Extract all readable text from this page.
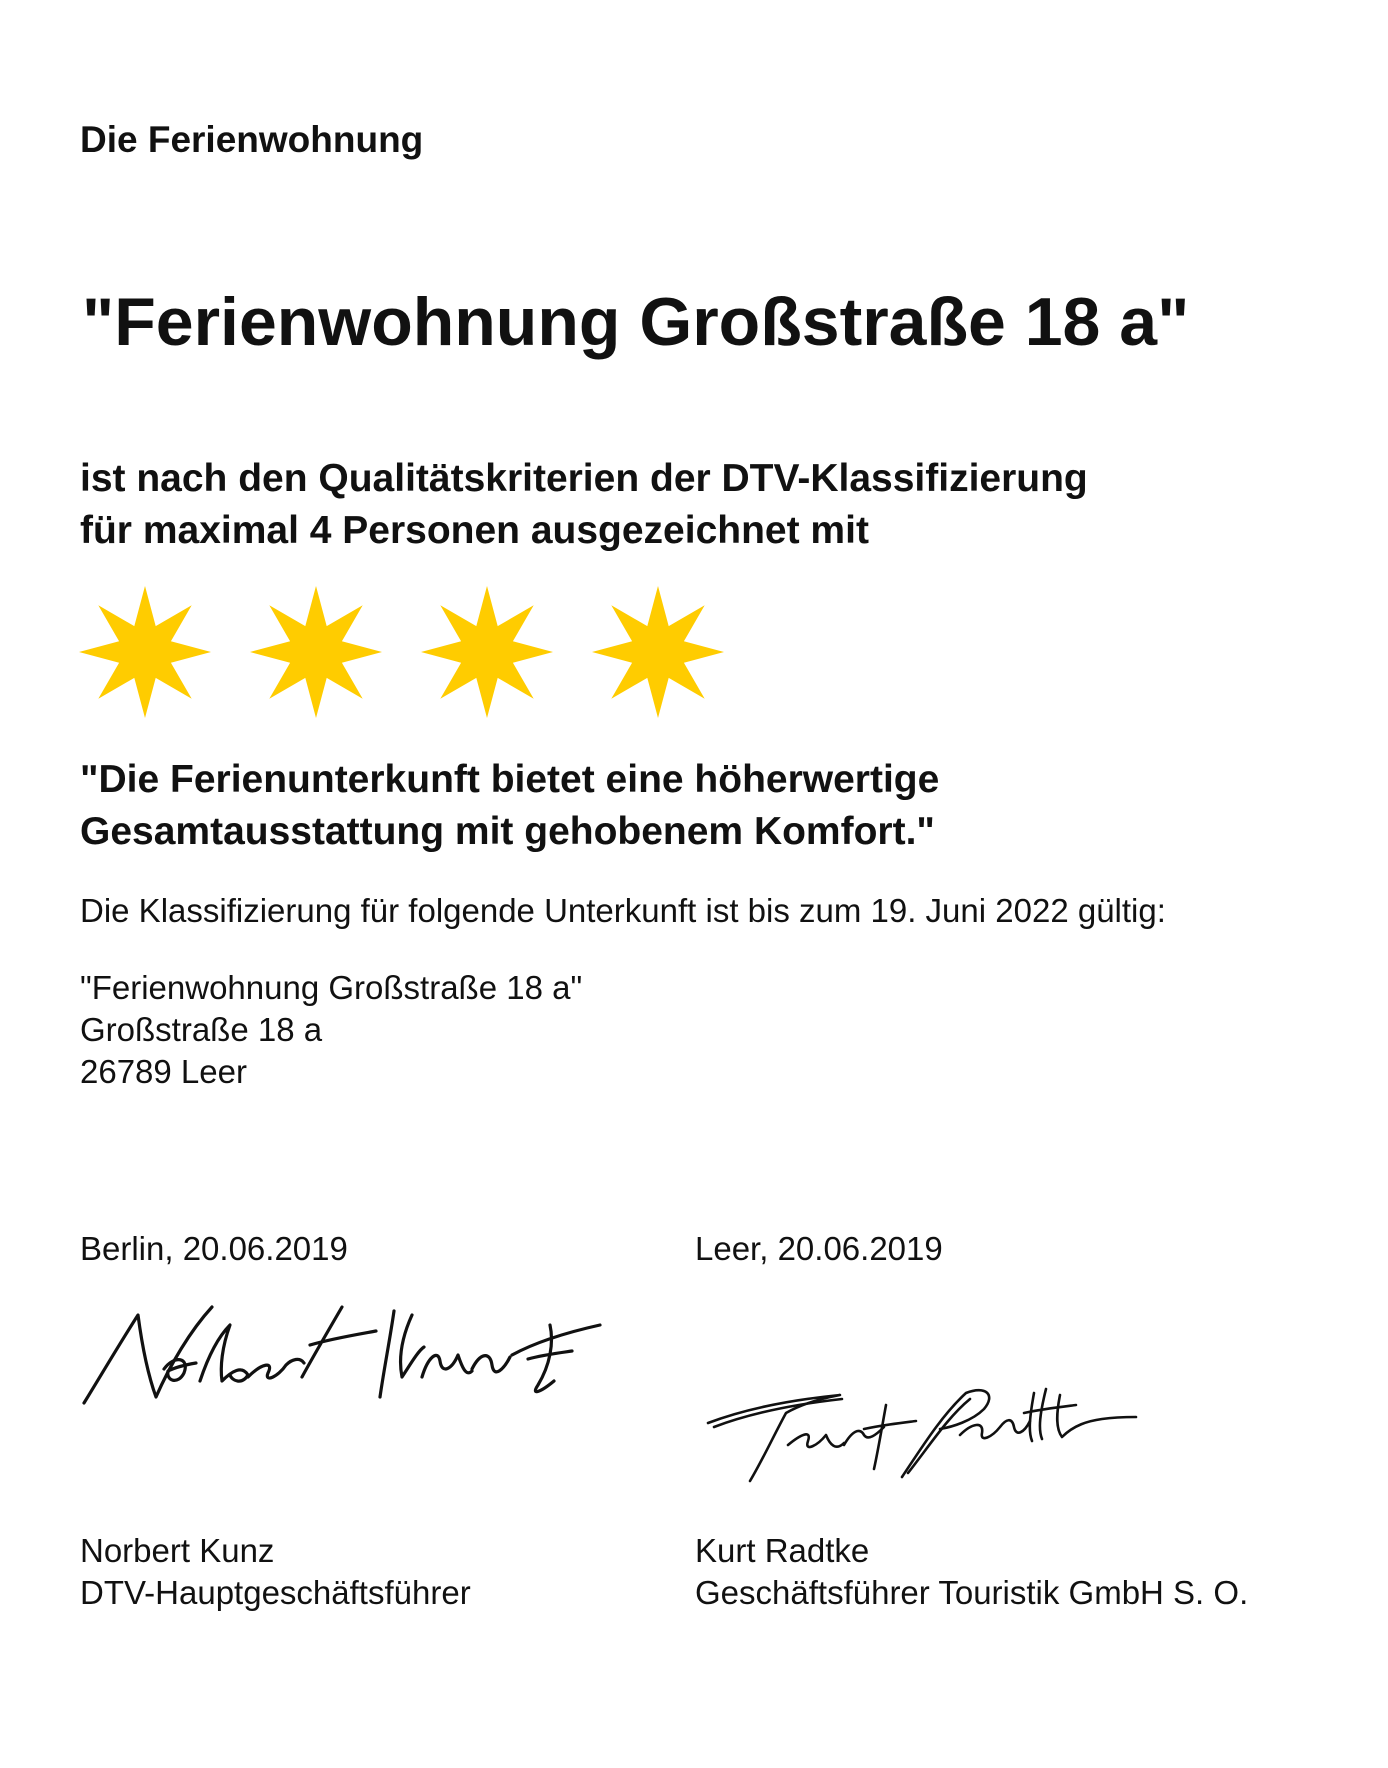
Die Ferienwohnung
"Ferienwohnung Großstraße 18 a"
ist nach den Qualitätskriterien der DTV-Klassifizierung
für maximal 4 Personen ausgezeichnet mit
"Die Ferienunterkunft bietet eine höherwertige
Gesamtausstattung mit gehobenem Komfort."
Die Klassifizierung für folgende Unterkunft ist bis zum 19. Juni 2022 gültig:
"Ferienwohnung Großstraße 18 a"
Großstraße 18 a
26789 Leer
Berlin, 20.06.2019	Leer, 20.06.2019
Norbert Kunz
DTV-Hauptgeschäftsführer
Kurt Radtke
Geschäftsführer Touristik GmbH S. O.
